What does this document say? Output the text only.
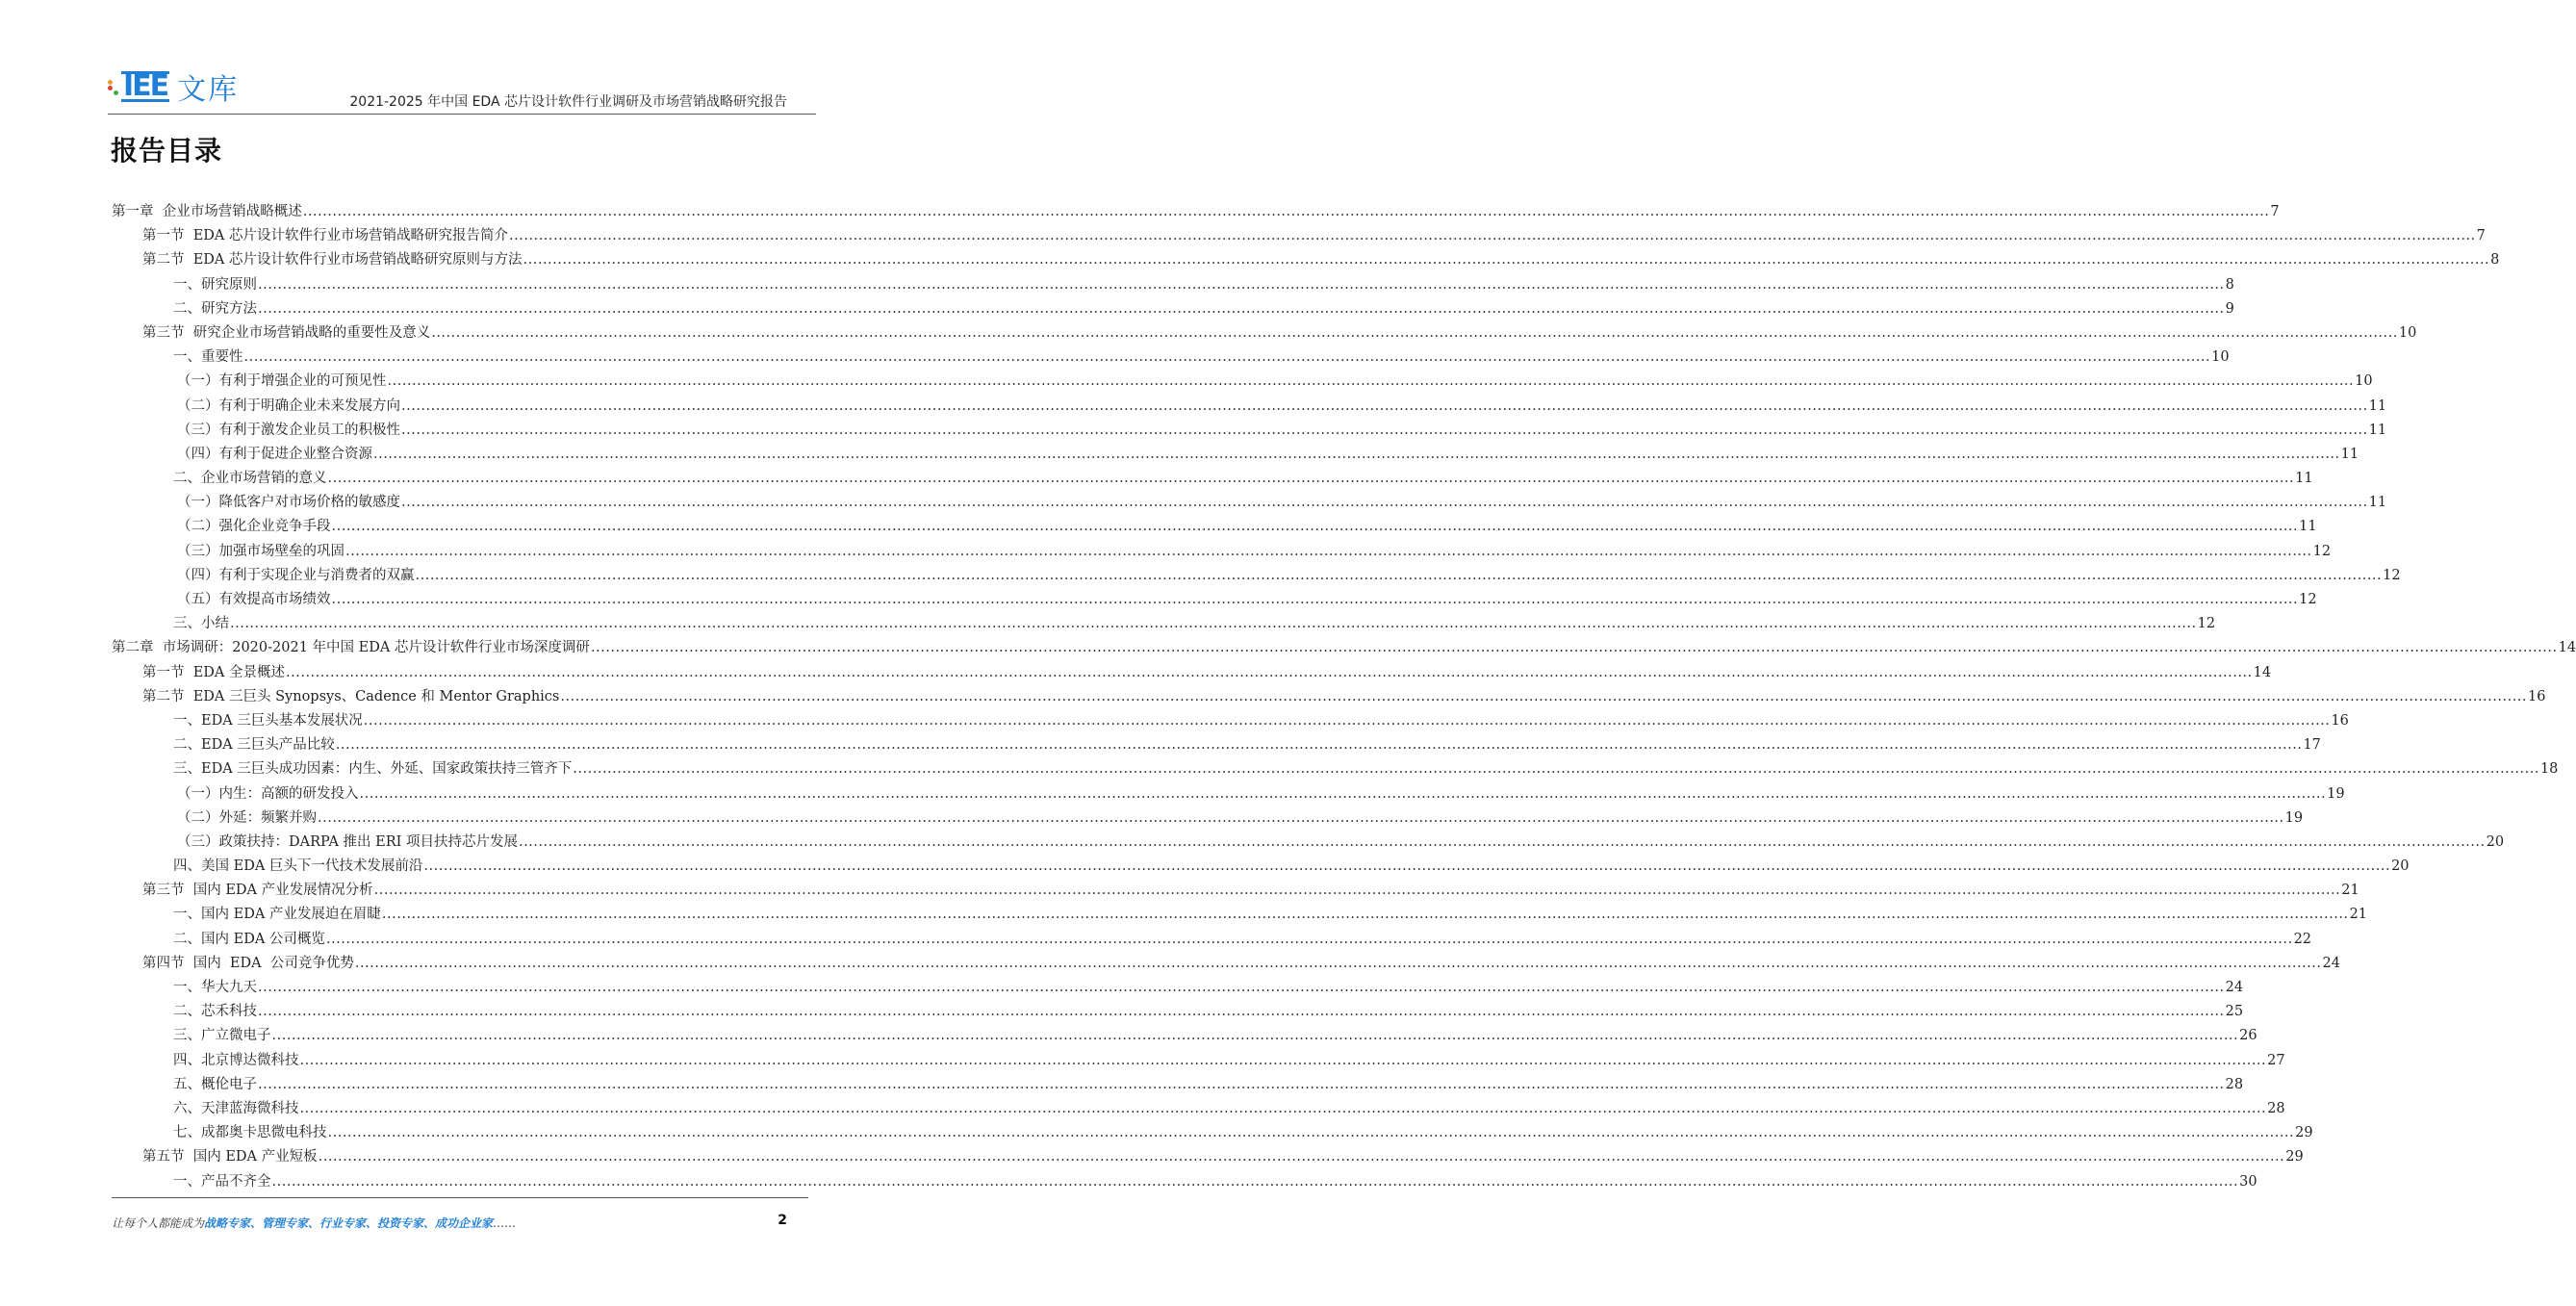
IEE 文库	2021-2025 年中国 EDA 芯片设计软件行业调研及市场营销战略研究报告
报告目录
第一章  企业市场营销战略概述 ................................................................................................................................................................................................................................................................................................................................................................................................................ 7
第一节  EDA 芯片设计软件行业市场营销战略研究报告简介 ................................................................................................................................................................................................................................................................................................................................................................................................................ 7
第二节  EDA 芯片设计软件行业市场营销战略研究原则与方法 ................................................................................................................................................................................................................................................................................................................................................................................................................ 8
一、研究原则 ................................................................................................................................................................................................................................................................................................................................................................................................................ 8
二、研究方法 ................................................................................................................................................................................................................................................................................................................................................................................................................ 9
第三节  研究企业市场营销战略的重要性及意义 ................................................................................................................................................................................................................................................................................................................................................................................................................ 10
一、重要性 ................................................................................................................................................................................................................................................................................................................................................................................................................ 10
（一）有利于增强企业的可预见性 ................................................................................................................................................................................................................................................................................................................................................................................................................ 10
（二）有利于明确企业未来发展方向 ................................................................................................................................................................................................................................................................................................................................................................................................................ 11
（三）有利于激发企业员工的积极性 ................................................................................................................................................................................................................................................................................................................................................................................................................ 11
（四）有利于促进企业整合资源 ................................................................................................................................................................................................................................................................................................................................................................................................................ 11
二、企业市场营销的意义 ................................................................................................................................................................................................................................................................................................................................................................................................................ 11
（一）降低客户对市场价格的敏感度 ................................................................................................................................................................................................................................................................................................................................................................................................................ 11
（二）强化企业竞争手段 ................................................................................................................................................................................................................................................................................................................................................................................................................ 11
（三）加强市场壁垒的巩固 ................................................................................................................................................................................................................................................................................................................................................................................................................ 12
（四）有利于实现企业与消费者的双赢 ................................................................................................................................................................................................................................................................................................................................................................................................................ 12
（五）有效提高市场绩效 ................................................................................................................................................................................................................................................................................................................................................................................................................ 12
三、小结 ................................................................................................................................................................................................................................................................................................................................................................................................................ 12
第二章  市场调研：2020-2021 年中国 EDA 芯片设计软件行业市场深度调研 ................................................................................................................................................................................................................................................................................................................................................................................................................ 14
第一节  EDA 全景概述 ................................................................................................................................................................................................................................................................................................................................................................................................................ 14
第二节  EDA 三巨头 Synopsys、Cadence 和 Mentor Graphics ................................................................................................................................................................................................................................................................................................................................................................................................................ 16
一、EDA 三巨头基本发展状况 ................................................................................................................................................................................................................................................................................................................................................................................................................ 16
二、EDA 三巨头产品比较 ................................................................................................................................................................................................................................................................................................................................................................................................................ 17
三、EDA 三巨头成功因素：内生、外延、国家政策扶持三管齐下 ................................................................................................................................................................................................................................................................................................................................................................................................................ 18
（一）内生：高额的研发投入 ................................................................................................................................................................................................................................................................................................................................................................................................................ 19
（二）外延：频繁并购 ................................................................................................................................................................................................................................................................................................................................................................................................................ 19
（三）政策扶持：DARPA 推出 ERI 项目扶持芯片发展 ................................................................................................................................................................................................................................................................................................................................................................................................................ 20
四、美国 EDA 巨头下一代技术发展前沿 ................................................................................................................................................................................................................................................................................................................................................................................................................ 20
第三节  国内 EDA 产业发展情况分析 ................................................................................................................................................................................................................................................................................................................................................................................................................ 21
一、国内 EDA 产业发展迫在眉睫 ................................................................................................................................................................................................................................................................................................................................................................................................................ 21
二、国内 EDA 公司概览 ................................................................................................................................................................................................................................................................................................................................................................................................................ 22
第四节  国内  EDA  公司竞争优势 ................................................................................................................................................................................................................................................................................................................................................................................................................ 24
一、华大九天 ................................................................................................................................................................................................................................................................................................................................................................................................................ 24
二、芯禾科技 ................................................................................................................................................................................................................................................................................................................................................................................................................ 25
三、广立微电子 ................................................................................................................................................................................................................................................................................................................................................................................................................ 26
四、北京博达微科技 ................................................................................................................................................................................................................................................................................................................................................................................................................ 27
五、概伦电子 ................................................................................................................................................................................................................................................................................................................................................................................................................ 28
六、天津蓝海微科技 ................................................................................................................................................................................................................................................................................................................................................................................................................ 28
七、成都奥卡思微电科技 ................................................................................................................................................................................................................................................................................................................................................................................................................ 29
第五节  国内 EDA 产业短板 ................................................................................................................................................................................................................................................................................................................................................................................................................ 29
一、产品不齐全 ................................................................................................................................................................................................................................................................................................................................................................................................................ 30
让每个人都能成为战略专家、管理专家、行业专家、投资专家、成功企业家……	2
